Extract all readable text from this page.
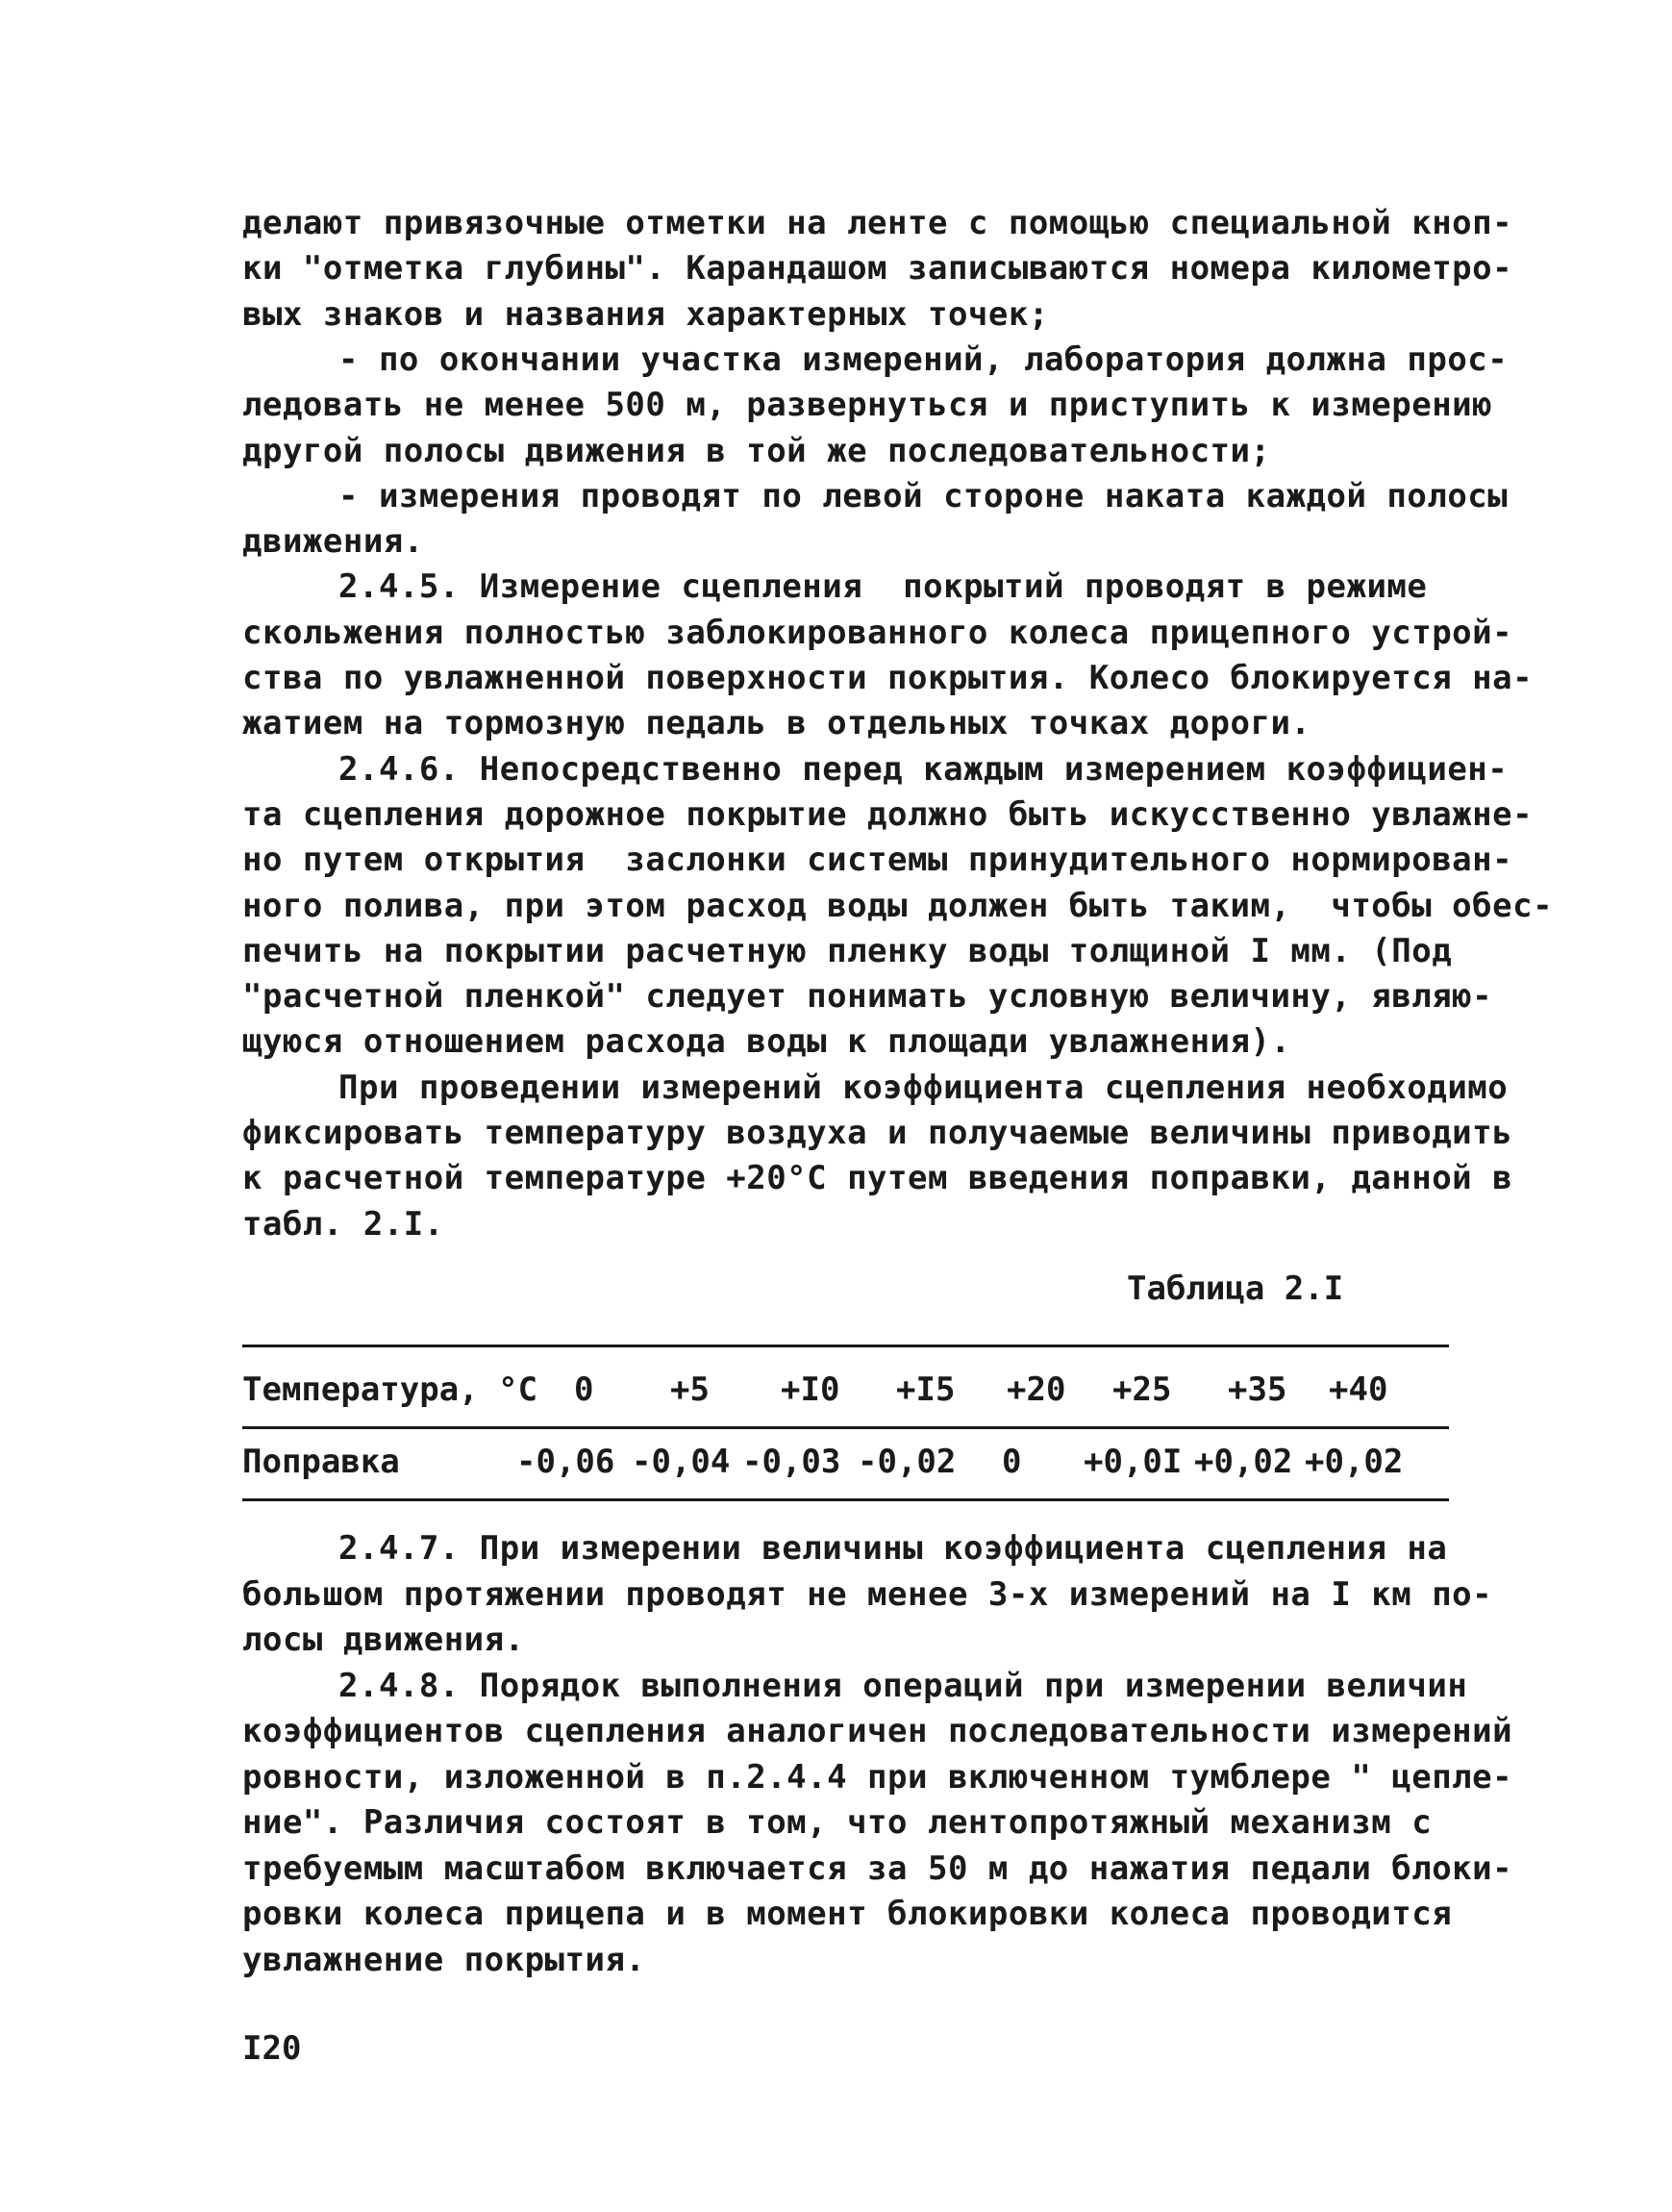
делают привязочные отметки на ленте с помощью специальной кноп-
ки "отметка глубины". Карандашом записываются номера километро-
вых знаков и названия характерных точек;
- по окончании участка измерений, лаборатория должна прос-
ледовать не менее 500 м, развернуться и приступить к измерению
другой полосы движения в той же последовательности;
- измерения проводят по левой стороне наката каждой полосы
движения.
2.4.5. Измерение сцепления  покрытий проводят в режиме
скольжения полностью заблокированного колеса прицепного устрой-
ства по увлажненной поверхности покрытия. Колесо блокируется на-
жатием на тормозную педаль в отдельных точках дороги.
2.4.6. Непосредственно перед каждым измерением коэффициен-
та сцепления дорожное покрытие должно быть искусственно увлажне-
но путем открытия  заслонки системы принудительного нормирован-
ного полива, при этом расход воды должен быть таким,  чтобы обес-
печить на покрытии расчетную пленку воды толщиной I мм. (Под
"расчетной пленкой" следует понимать условную величину, являю-
щуюся отношением расхода воды к площади увлажнения).
При проведении измерений коэффициента сцепления необходимо
фиксировать температуру воздуха и получаемые величины приводить
к расчетной температуре +20°С путем введения поправки, данной в
табл. 2.I.
Таблица 2.I
Температура, °С 0 +5 +I0 +I5 +20 +25 +35 +40
Поправка	-0,06 -0,04 -0,03 -0,02 0 +0,0I +0,02 +0,02
2.4.7. При измерении величины коэффициента сцепления на
большом протяжении проводят не менее 3-х измерений на I км по-
лосы движения.
2.4.8. Порядок выполнения операций при измерении величин
коэффициентов сцепления аналогичен последовательности измерений
ровности, изложенной в п.2.4.4 при включенном тумблере " цепле-
ние". Различия состоят в том, что лентопротяжный механизм с
требуемым масштабом включается за 50 м до нажатия педали блоки-
ровки колеса прицепа и в момент блокировки колеса проводится
увлажнение покрытия.
I20
